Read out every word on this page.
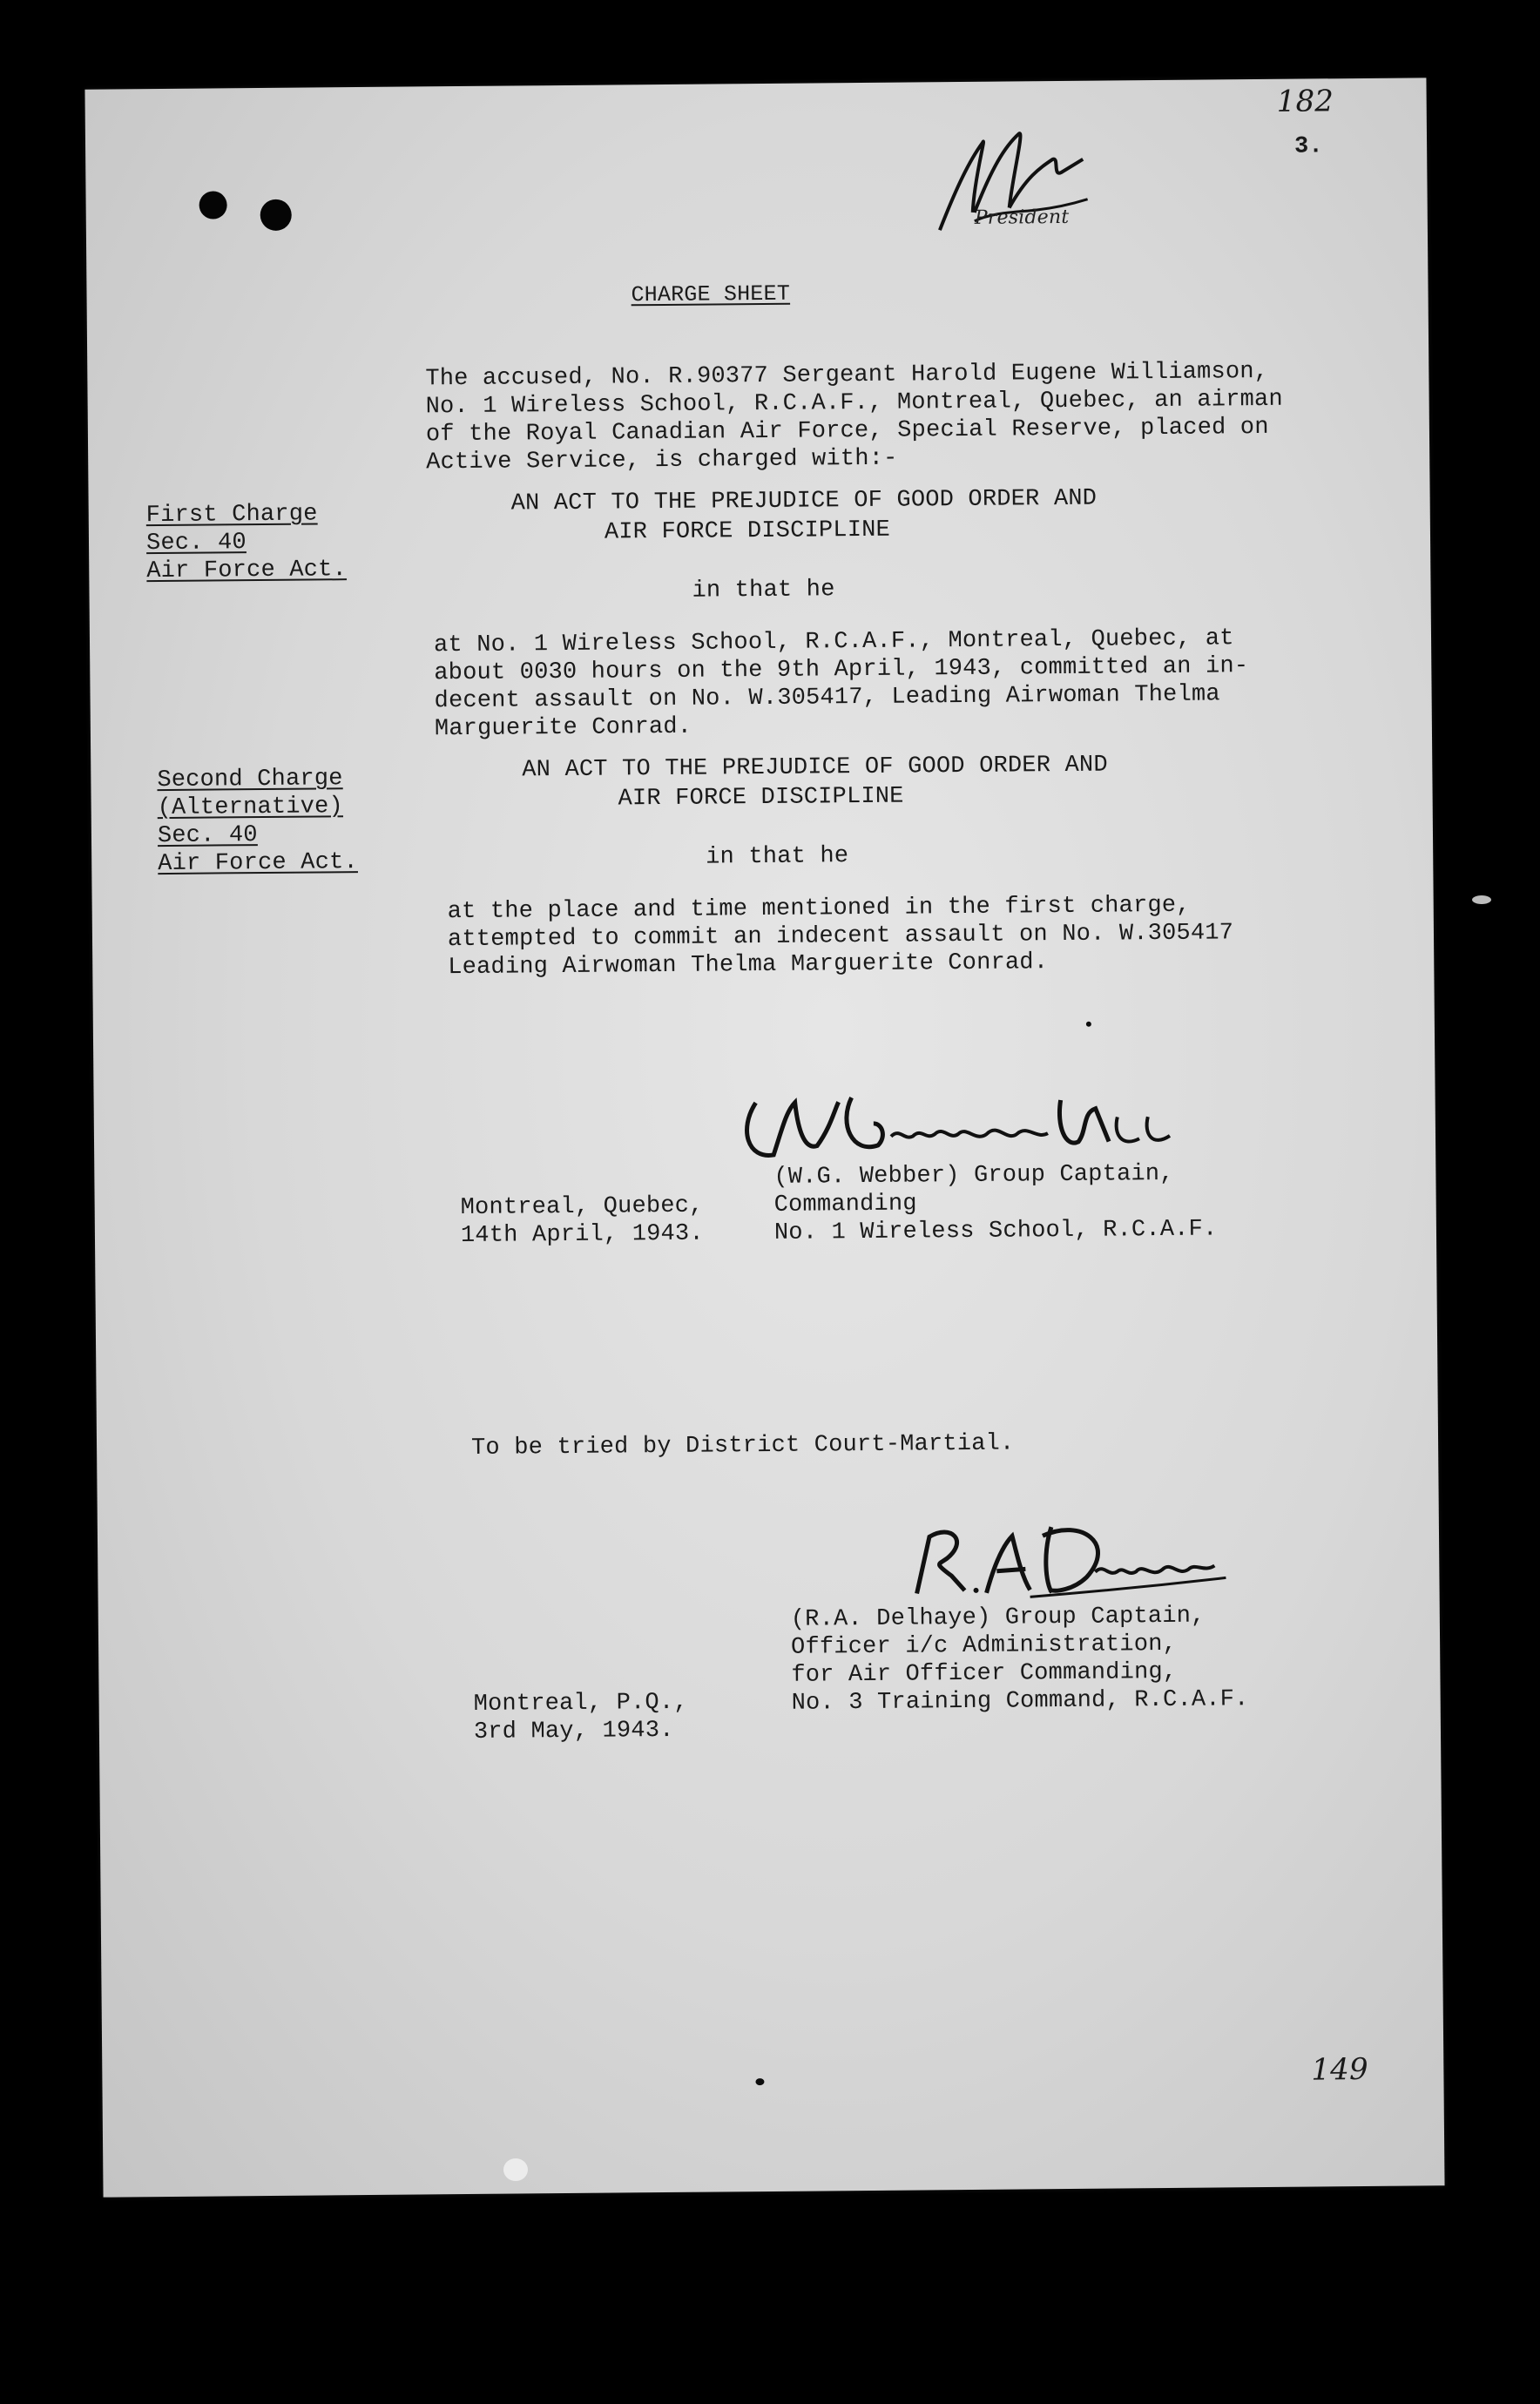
182
3.
President
CHARGE SHEET
The accused, No. R.90377 Sergeant Harold Eugene Williamson,
No. 1 Wireless School, R.C.A.F., Montreal, Quebec, an airman
of the Royal Canadian Air Force, Special Reserve, placed on
Active Service, is charged with:-
First Charge
Sec. 40
Air Force Act.
AN ACT TO THE PREJUDICE OF GOOD ORDER AND
AIR FORCE DISCIPLINE
in that he
at No. 1 Wireless School, R.C.A.F., Montreal, Quebec, at
about 0030 hours on the 9th April, 1943, committed an in-
decent assault on No. W.305417, Leading Airwoman Thelma
Marguerite Conrad.
Second Charge
(Alternative)
Sec. 40
Air Force Act.
AN ACT TO THE PREJUDICE OF GOOD ORDER AND
AIR FORCE DISCIPLINE
in that he
at the place and time mentioned in the first charge,
attempted to commit an indecent assault on No. W.305417
Leading Airwoman Thelma Marguerite Conrad.
Montreal, Quebec,
14th April, 1943.
(W.G. Webber) Group Captain,
Commanding
No. 1 Wireless School, R.C.A.F.
To be tried by District Court-Martial.
Montreal, P.Q.,
3rd May, 1943.
(R.A. Delhaye) Group Captain,
Officer i/c Administration,
for Air Officer Commanding,
No. 3 Training Command, R.C.A.F.
149
